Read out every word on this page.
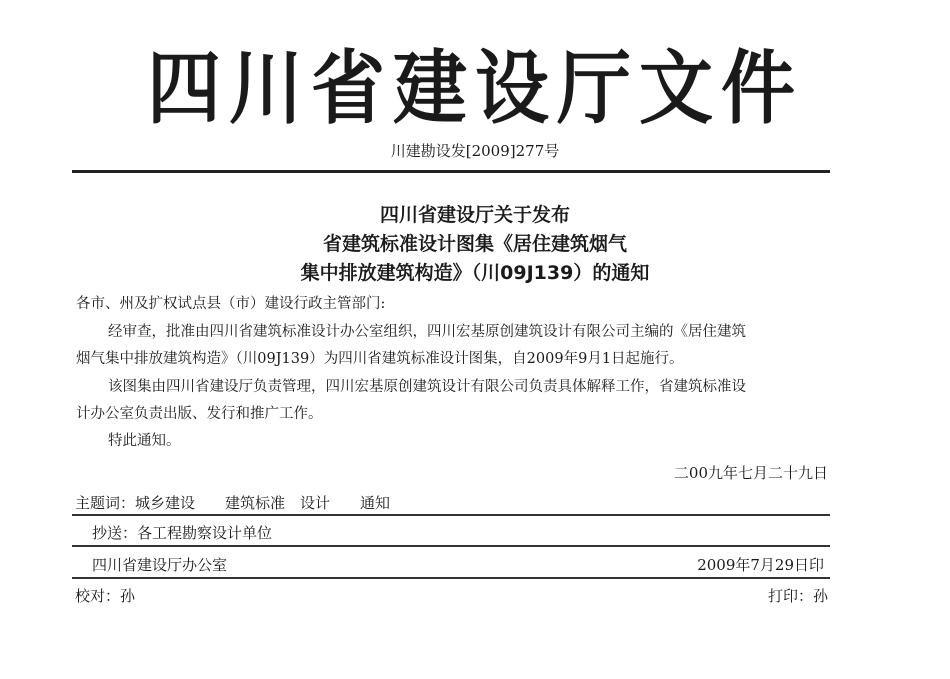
四川省建设厅文件
川建勘设发[2009]277号
四川省建设厅关于发布
省建筑标准设计图集《居住建筑烟气
集中排放建筑构造》（川09J139）的通知
各市、州及扩权试点县（市）建设行政主管部门:
经审查，批准由四川省建筑标准设计办公室组织，四川宏基原创建筑设计有限公司主编的《居住建筑
烟气集中排放建筑构造》（川09J139）为四川省建筑标准设计图集，自2009年9月1日起施行。
该图集由四川省建设厅负责管理，四川宏基原创建筑设计有限公司负责具体解释工作，省建筑标准设
计办公室负责出版、发行和推广工作。
特此通知。
二00九年七月二十九日
主题词：城乡建设　　建筑标准　设计　　通知
抄送：各工程勘察设计单位
四川省建设厅办公室	2009年7月29日印
校对：孙	打印：孙
